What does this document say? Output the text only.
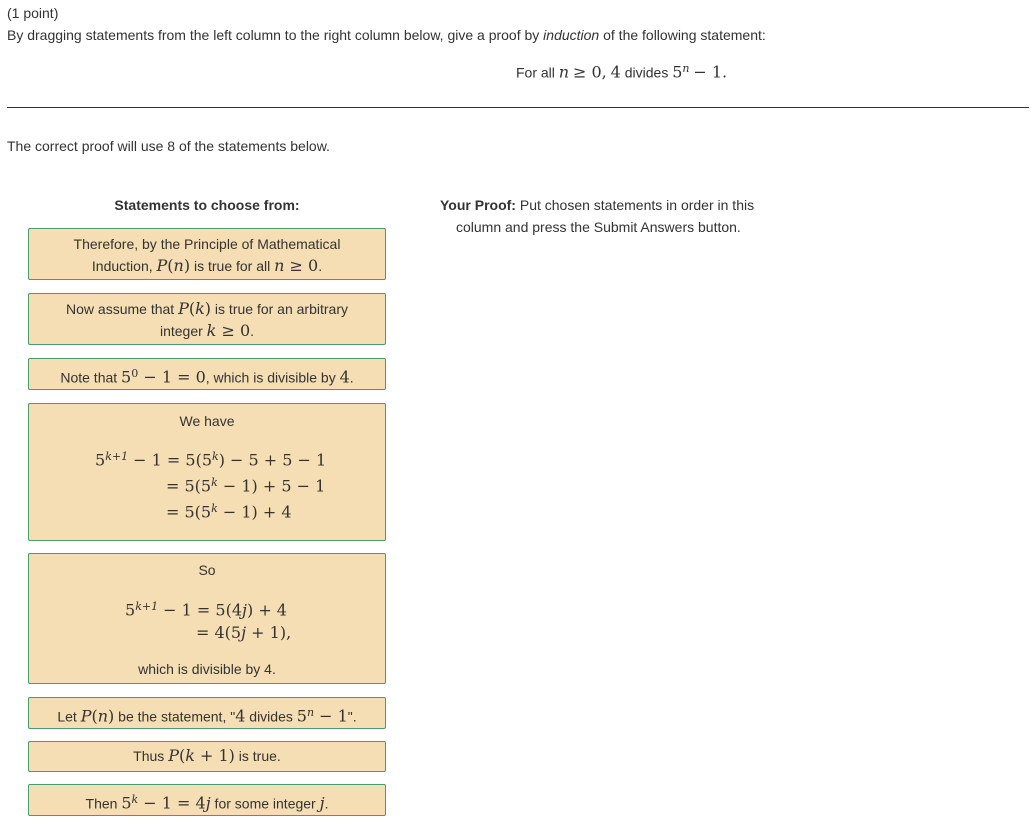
(1 point)
By dragging statements from the left column to the right column below, give a proof by induction of the following statement:
For all n ≥ 0, 4 divides $5^n - 1$.
The correct proof will use 8 of the statements below.
Statements to choose from:	Your Proof: Put chosen statements in order in this
column and press the Submit Answers button.
Therefore, by the Principle of Mathematical
Induction, P(n) is true for all n ≥ 0.
Now assume that P(k) is true for an arbitrary
integer k ≥ 0.
Note that $5^0 - 1 = 0$, which is divisible by 4.
We have
$5^{k+1} - 1 = 5(5^k) - 5 + 5 - 1$
= $5(5^k - 1) + 5 - 1$
= $5(5^k - 1) + 4$
So
$5^{k+1} - 1 = 5(4j) + 4$
= 4(5j + 1),
which is divisible by 4.
Let P(n) be the statement, "4 divides $5^n - 1$".
Thus P(k + 1) is true.
Then $5^k - 1 = 4j$ for some integer j.
